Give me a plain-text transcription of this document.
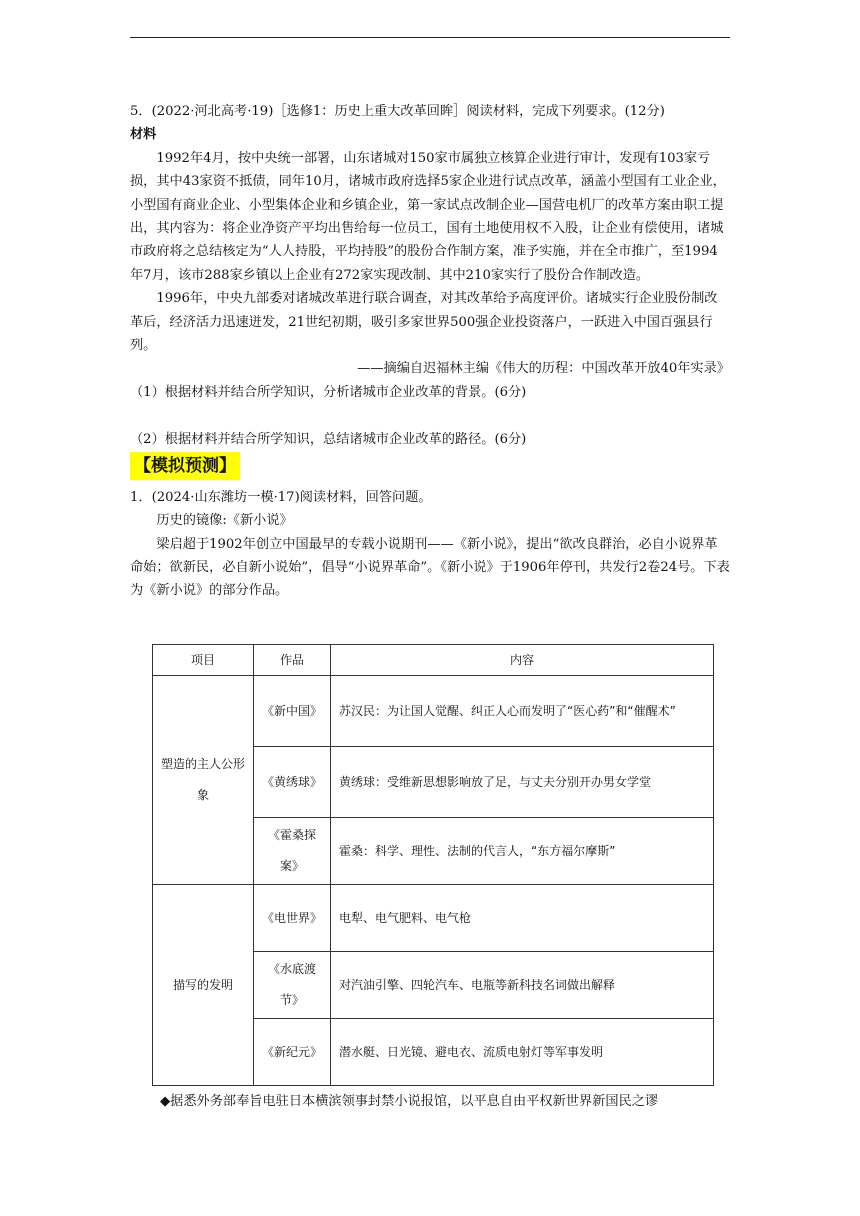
5．(2022·河北高考·19)［选修1：历史上重大改革回眸］阅读材料，完成下列要求。(12分)

材料

1992年4月，按中央统一部署，山东诸城对150家市属独立核算企业进行审计，发现有103家亏损，其中43家资不抵债，同年10月，诸城市政府选择5家企业进行试点改革，涵盖小型国有工业企业，小型国有商业企业、小型集体企业和乡镇企业，第一家试点改制企业—国营电机厂的改革方案由职工提出，其内容为：将企业净资产平均出售给每一位员工，国有土地使用权不入股，让企业有偿使用，诸城市政府将之总结核定为“人人持股，平均持股”的股份合作制方案，准予实施，并在全市推广，至1994年7月，该市288家乡镇以上企业有272家实现改制、其中210家实行了股份合作制改造。

1996年，中央九部委对诸城改革进行联合调查，对其改革给予高度评价。诸城实行企业股份制改革后，经济活力迅速迸发，21世纪初期，吸引多家世界500强企业投资落户，一跃进入中国百强县行列。

——摘编自迟福林主编《伟大的历程：中国改革开放40年实录》

（1）根据材料并结合所学知识，分析诸城市企业改革的背景。(6分)

（2）根据材料并结合所学知识，总结诸城市企业改革的路径。(6分)

【模拟预测】

1．(2024·山东潍坊一模·17)阅读材料，回答问题。

历史的镜像:《新小说》

梁启超于1902年创立中国最早的专载小说期刊——《新小说》，提出“欲改良群治，必自小说界革命始；欲新民，必自新小说始”，倡导“小说界革命”。《新小说》于1906年停刊，共发行2卷24号。下表为《新小说》的部分作品。

项目	作品	内容
塑造的主人公形象	《新中国》	苏汉民：为让国人觉醒、纠正人心而发明了“医心药”和“催醒术”
	《黄绣球》	黄绣球：受维新思想影响放了足，与丈夫分别开办男女学堂
	《霍桑探案》	霍桑：科学、理性、法制的代言人，“东方福尔摩斯”
描写的发明	《电世界》	电犁、电气肥料、电气枪
	《水底渡节》	对汽油引擎、四轮汽车、电瓶等新科技名词做出解释
	《新纪元》	潜水艇、日光镜、避电衣、流质电射灯等军事发明

◆据悉外务部奉旨电驻日本横滨领事封禁小说报馆，以平息自由平权新世界新国民之谬
